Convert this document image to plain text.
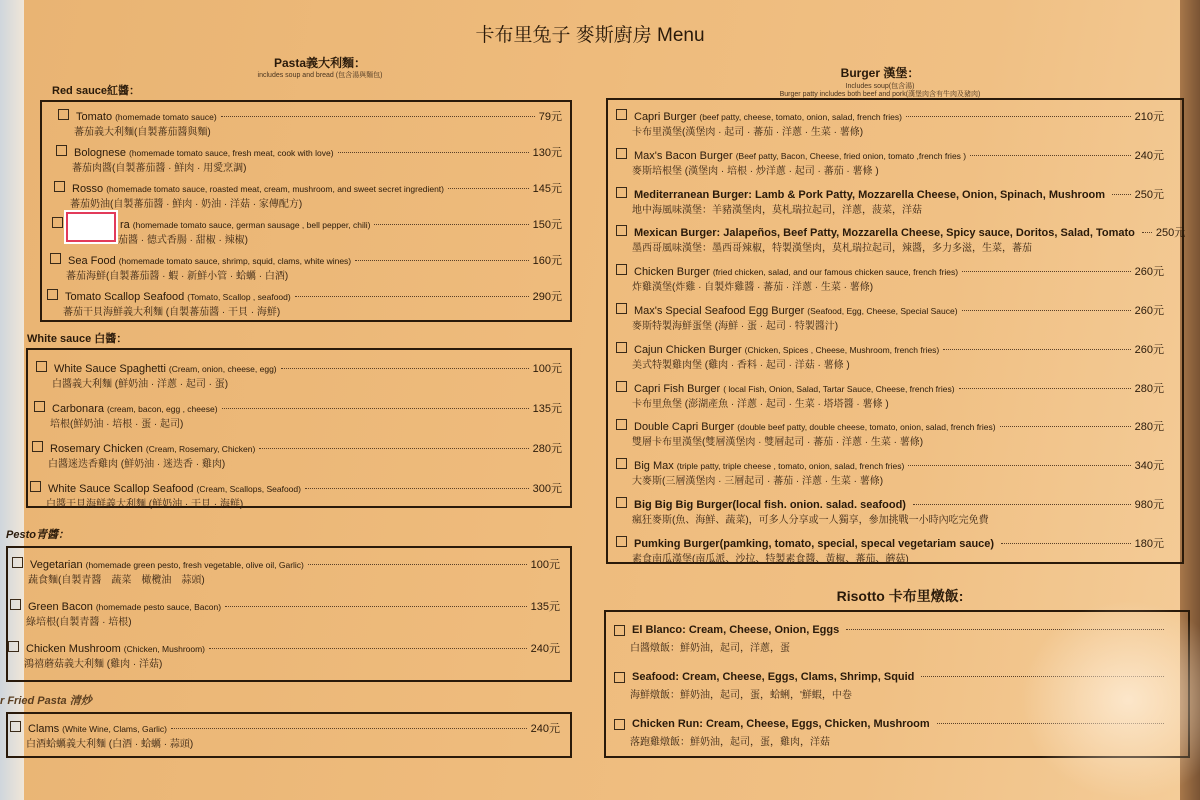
卡布里兔子 麥斯廚房 Menu
Pasta義大利麵：
includes soup and bread (包含湯與麵包)
Red sauce紅醬：
Tomato (homemade tomato sauce)	79元
蕃茄義大利麵(自製蕃茄醬與麵)
Bolognese (homemade tomato sauce, fresh meat, cook with love)	130元
蕃茄肉醬(自製蕃茄醬 · 鮮肉 · 用愛烹調)
Rosso (homemade tomato sauce, roasted meat, cream, mushroom, and sweet secret ingredient)	145元
蕃茄奶油(自製蕃茄醬 · 鮮肉 · 奶油 · 洋菇 · 家傳配方)
ra (homemade tomato sauce, german sausage , bell pepper, chili)	150元
茄醬 · 德式香腸 · 甜椒 · 辣椒)
Sea Food (homemade tomato sauce, shrimp, squid, clams, white wines)	160元
蕃茄海鮮(自製蕃茄醬 · 蝦 · 新鮮小管 · 蛤蠣 · 白酒)
Tomato Scallop Seafood (Tomato, Scallop , seafood)	290元
蕃茄干貝海鮮義大利麵 (自製蕃茄醬 · 干貝 · 海鮮)
White sauce 白醬：
White Sauce Spaghetti (Cream, onion, cheese, egg)	100元
白醬義大利麵 (鮮奶油 · 洋蔥 · 起司 · 蛋)
Carbonara (cream, bacon, egg , cheese)	135元
培根(鮮奶油 · 培根 · 蛋 · 起司)
Rosemary Chicken (Cream, Rosemary, Chicken)	280元
白醬迷迭香雞肉 (鮮奶油 · 迷迭香 · 雞肉)
White Sauce Scallop Seafood (Cream, Scallops, Seafood)	300元
白醬干貝海鮮義大利麵 (鮮奶油 · 干貝 · 海鮮)
Pesto青醬：
Vegetarian (homemade green pesto, fresh vegetable, olive oil, Garlic)	100元
蔬食麵(自製青醬　蔬菜　橄欖油　蒜頭)
Green Bacon (homemade pesto sauce, Bacon)	135元
綠培根(自製青醬 · 培根)
Chicken Mushroom (Chicken, Mushroom)	240元
鴻禧蘑菇義大利麵 (雞肉 · 洋菇)
r Fried Pasta 清炒
Clams (White Wine, Clams, Garlic)	240元
白酒蛤蠣義大利麵 (白酒 · 蛤蠣 · 蒜頭)
Burger 漢堡：
Includes soup(包含湯)
Burger patty includes both beef and pork(漢堡肉含有牛肉及豬肉)
Capri Burger (beef patty, cheese, tomato, onion, salad, french fries)	210元
卡布里漢堡(漢堡肉 · 起司 · 蕃茄 · 洋蔥 · 生菜 · 薯條)
Max's Bacon Burger (Beef patty, Bacon, Cheese, fried onion, tomato ,french fries )	240元
麥斯培根堡 (漢堡肉 · 培根 · 炒洋蔥 · 起司 · 蕃茄 · 薯條 )
Mediterranean Burger: Lamb & Pork Patty, Mozzarella Cheese, Onion, Spinach, Mushroom	250元
地中海風味漢堡：羊豬漢堡肉，莫札瑞拉起司，洋蔥，菠菜，洋菇
Mexican Burger: Jalapeños, Beef Patty, Mozzarella Cheese, Spicy sauce, Doritos, Salad, Tomato 250元
墨西哥風味漢堡：墨西哥辣椒，特製漢堡肉，莫札瑞拉起司，辣醬，多力多滋，生菜，蕃茄
Chicken Burger (fried chicken, salad, and our famous chicken sauce, french fries)	260元
炸雞漢堡(炸雞 · 自製炸雞醬 · 蕃茄 · 洋蔥 · 生菜 · 薯條)
Max's Special Seafood Egg Burger (Seafood, Egg, Cheese, Special Sauce)	260元
麥斯特製海鮮蛋堡 (海鮮 · 蛋 · 起司 · 特製醬汁)
Cajun Chicken Burger (Chicken, Spices , Cheese, Mushroom, french fries)	260元
美式特製雞肉堡 (雞肉 · 香料 · 起司 · 洋菇 · 薯條 )
Capri Fish Burger ( local Fish, Onion, Salad, Tartar Sauce, Cheese, french fries)	280元
卡布里魚堡 (澎湖產魚 · 洋蔥 · 起司 · 生菜 · 塔塔醬 · 薯條 )
Double Capri Burger (double beef patty, double cheese, tomato, onion, salad, french fries)	280元
雙層卡布里漢堡(雙層漢堡肉 · 雙層起司 · 蕃茄 · 洋蔥 · 生菜 · 薯條)
Big Max (triple patty, triple cheese , tomato, onion, salad, french fries)	340元
大麥斯(三層漢堡肉 · 三層起司 · 蕃茄 · 洋蔥 · 生菜 · 薯條)
Big Big Big Burger(local fish. onion. salad. seafood)	980元
瘋狂麥斯(魚、海鮮、蔬菜)，可多人分享或一人獨享，參加挑戰一小時內吃完免費
Pumking Burger(pamking, tomato, special, specal vegetariam sauce)	180元
素食南瓜漢堡(南瓜派、沙拉、特製素食醬、黃椒、蕃茄、蘑菇)
Risotto 卡布里燉飯:
El Blanco: Cream, Cheese, Onion, Eggs
白醬燉飯：鮮奶油，起司，洋蔥，蛋
Seafood: Cream, Cheese, Eggs, Clams, Shrimp, Squid
海鮮燉飯：鮮奶油，起司，蛋，蛤蜊，'鮮蝦，中卷
Chicken Run: Cream, Cheese, Eggs, Chicken, Mushroom
落跑雞燉飯：鮮奶油，起司，蛋，雞肉，洋菇
